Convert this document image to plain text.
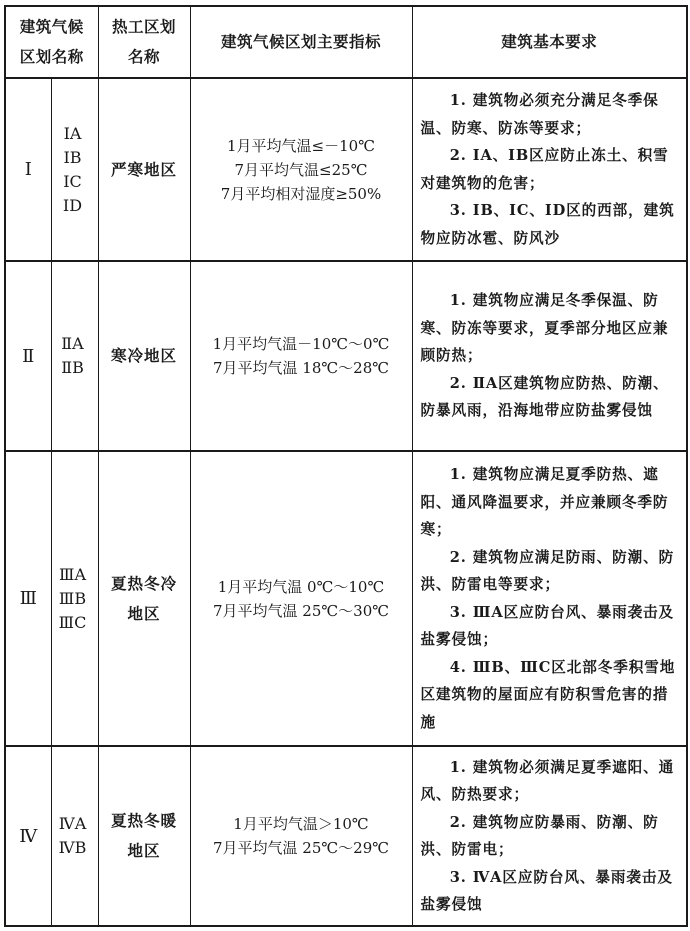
建筑气候
区划名称		热工区划
名称	建筑气候区划主要指标	建筑基本要求
Ⅰ	ⅠA
ⅠB
ⅠC
ⅠD	严寒地区	1月平均气温≤－10℃
7月平均气温≤25℃
7月平均相对湿度≥50%	1. 建筑物必须充分满足冬季保温、防寒、防冻等要求；
2. ⅠA、ⅠB区应防止冻土、积雪对建筑物的危害；
3. ⅠB、ⅠC、ⅠD区的西部，建筑物应防冰雹、防风沙

Ⅱ	ⅡA
ⅡB	寒冷地区	1月平均气温－10℃～0℃
7月平均气温 18℃～28℃	1. 建筑物应满足冬季保温、防寒、防冻等要求，夏季部分地区应兼顾防热；
2. ⅡA区建筑物应防热、防潮、防暴风雨，沿海地带应防盐雾侵蚀

Ⅲ	ⅢA
ⅢB
ⅢC	夏热冬冷
地区	1月平均气温 0℃～10℃
7月平均气温 25℃～30℃	1. 建筑物应满足夏季防热、遮阳、通风降温要求，并应兼顾冬季防寒；
2. 建筑物应满足防雨、防潮、防洪、防雷电等要求；
3. ⅢA区应防台风、暴雨袭击及盐雾侵蚀；
4. ⅢB、ⅢC区北部冬季积雪地区建筑物的屋面应有防积雪危害的措施

Ⅳ	ⅣA
ⅣB	夏热冬暖
地区	1月平均气温＞10℃
7月平均气温 25℃～29℃	1. 建筑物必须满足夏季遮阳、通风、防热要求；
2. 建筑物应防暴雨、防潮、防洪、防雷电；
3. ⅣA区应防台风、暴雨袭击及盐雾侵蚀
